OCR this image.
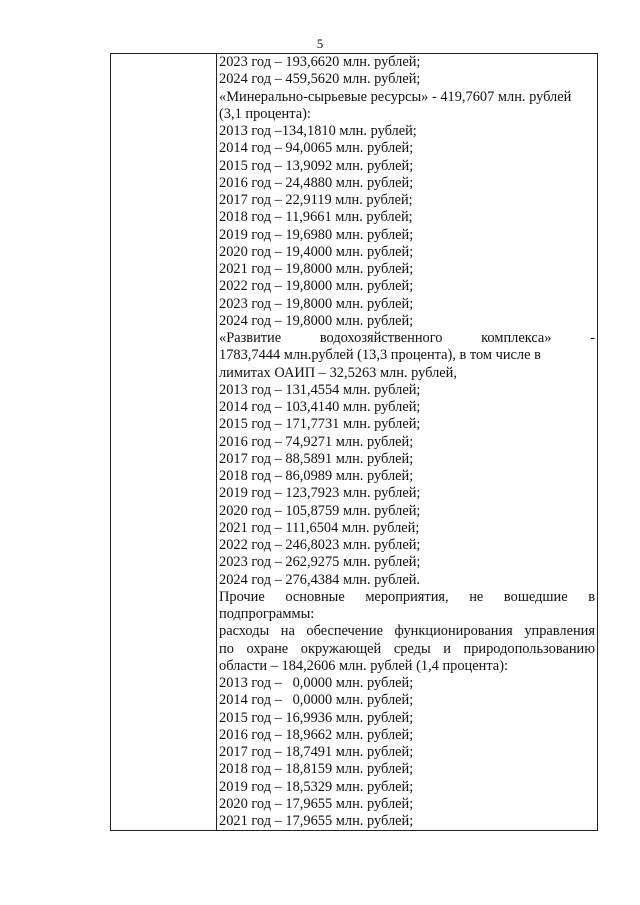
5

2023 год – 193,6620 млн. рублей;
2024 год – 459,5620 млн. рублей;
«Минерально-сырьевые ресурсы» - 419,7607 млн. рублей
(3,1 процента):
2013 год –134,1810 млн. рублей;
2014 год – 94,0065 млн. рублей;
2015 год – 13,9092 млн. рублей;
2016 год – 24,4880 млн. рублей;
2017 год – 22,9119 млн. рублей;
2018 год – 11,9661 млн. рублей;
2019 год – 19,6980 млн. рублей;
2020 год – 19,4000 млн. рублей;
2021 год – 19,8000 млн. рублей;
2022 год – 19,8000 млн. рублей;
2023 год – 19,8000 млн. рублей;
2024 год – 19,8000 млн. рублей;
«Развитие	водохозяйственного	комплекса»	-
1783,7444 млн.рублей (13,3 процента), в том числе в
лимитах ОАИП – 32,5263 млн. рублей,
2013 год – 131,4554 млн. рублей;
2014 год – 103,4140 млн. рублей;
2015 год – 171,7731 млн. рублей;
2016 год – 74,9271 млн. рублей;
2017 год – 88,5891 млн. рублей;
2018 год – 86,0989 млн. рублей;
2019 год – 123,7923 млн. рублей;
2020 год – 105,8759 млн. рублей;
2021 год – 111,6504 млн. рублей;
2022 год – 246,8023 млн. рублей;
2023 год – 262,9275 млн. рублей;
2024 год – 276,4384 млн. рублей.
Прочие основные мероприятия, не вошедшие в
подпрограммы:
расходы на обеспечение функционирования управления
по охране окружающей среды и природопользованию
области – 184,2606 млн. рублей (1,4 процента):
2013 год –   0,0000 млн. рублей;
2014 год –   0,0000 млн. рублей;
2015 год – 16,9936 млн. рублей;
2016 год – 18,9662 млн. рублей;
2017 год – 18,7491 млн. рублей;
2018 год – 18,8159 млн. рублей;
2019 год – 18,5329 млн. рублей;
2020 год – 17,9655 млн. рублей;
2021 год – 17,9655 млн. рублей;
